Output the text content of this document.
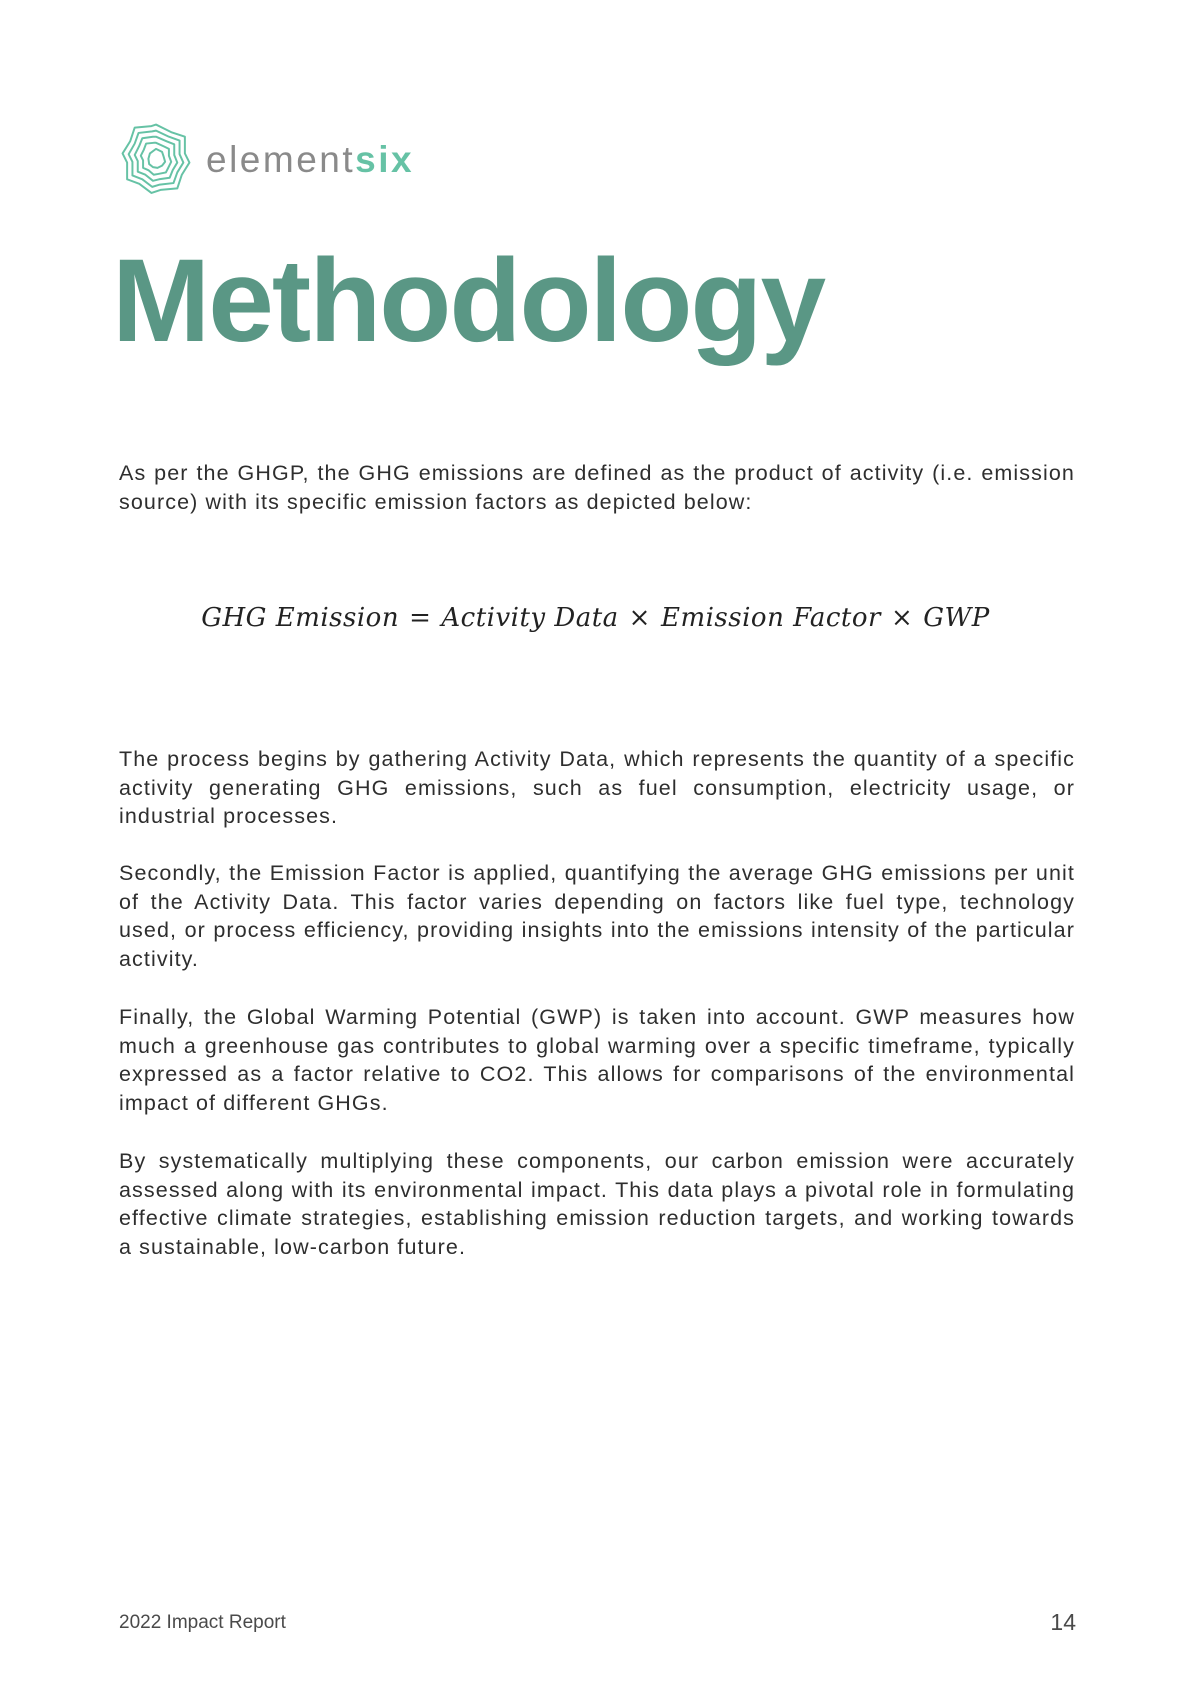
elementsix
Methodology

As per the GHGP, the GHG emissions are defined as the product of activity (i.e. emission source) with its specific emission factors as depicted below:

GHG Emission = Activity Data × Emission Factor × GWP

The process begins by gathering Activity Data, which represents the quantity of a specific activity generating GHG emissions, such as fuel consumption, electricity usage, or industrial processes.

Secondly, the Emission Factor is applied, quantifying the average GHG emissions per unit of the Activity Data. This factor varies depending on factors like fuel type, technology used, or process efficiency, providing insights into the emissions intensity of the particular activity.

Finally, the Global Warming Potential (GWP) is taken into account. GWP measures how much a greenhouse gas contributes to global warming over a specific timeframe, typically expressed as a factor relative to CO2. This allows for comparisons of the environmental impact of different GHGs.

By systematically multiplying these components, our carbon emission were accurately assessed along with its environmental impact. This data plays a pivotal role in formulating effective climate strategies, establishing emission reduction targets, and working towards a sustainable, low-carbon future.

2022 Impact Report	14
